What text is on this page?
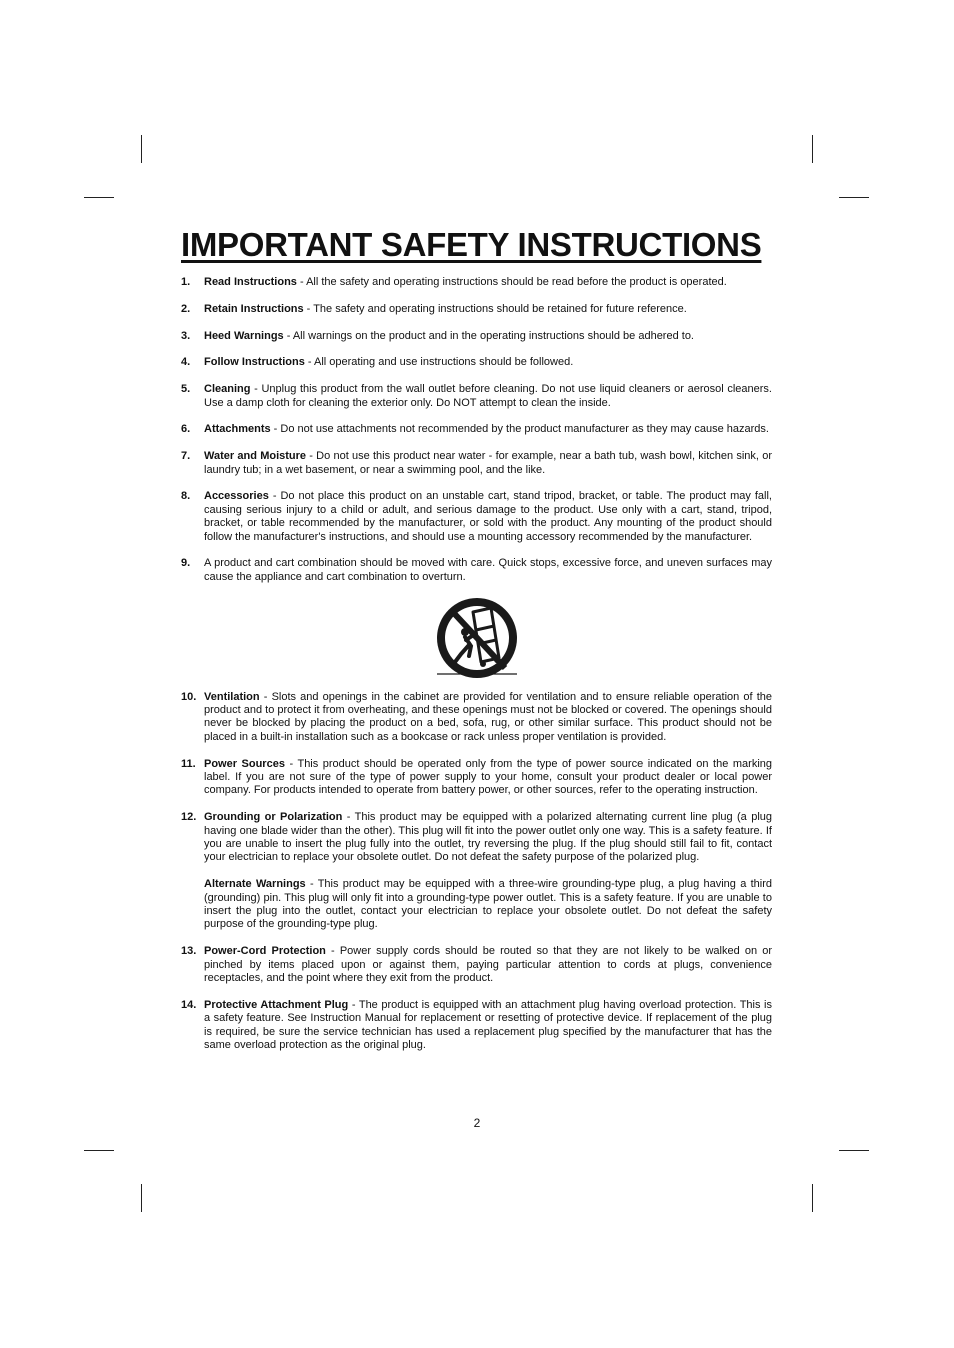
IMPORTANT SAFETY INSTRUCTIONS
1.	Read Instructions - All the safety and operating instructions should be read before the product is operated.

2.	Retain Instructions - The safety and operating instructions should be retained for future reference.

3.	Heed Warnings - All warnings on the product and in the operating instructions should be adhered to.

4.	Follow Instructions - All operating and use instructions should be followed.

5.	Cleaning - Unplug this product from the wall outlet before cleaning. Do not use liquid cleaners or aerosol cleaners. Use a damp cloth for cleaning the exterior only. Do NOT attempt to clean the inside.

6.	Attachments - Do not use attachments not recommended by the product manufacturer as they may cause hazards.

7.	Water and Moisture - Do not use this product near water - for example, near a bath tub, wash bowl, kitchen sink, or laundry tub; in a wet basement, or near a swimming pool, and the like.

8.	Accessories - Do not place this product on an unstable cart, stand tripod, bracket, or table. The product may fall, causing serious injury to a child or adult, and serious damage to the product. Use only with a cart, stand, tripod, bracket, or table recommended by the manufacturer, or sold with the product. Any mounting of the product should follow the manufacturer's instructions, and should use a mounting accessory recommended by the manufacturer.

9.	A product and cart combination should be moved with care. Quick stops, excessive force, and uneven surfaces may cause the appliance and cart combination to overturn.

10. Ventilation - Slots and openings in the cabinet are provided for ventilation and to ensure reliable operation of the product and to protect it from overheating, and these openings must not be blocked or covered. The openings should never be blocked by placing the product on a bed, sofa, rug, or other similar surface. This product should not be placed in a built-in installation such as a bookcase or rack unless proper ventilation is provided.

11. Power Sources - This product should be operated only from the type of power source indicated on the marking label. If you are not sure of the type of power supply to your home, consult your product dealer or local power company. For products intended to operate from battery power, or other sources, refer to the operating instruction.

12. Grounding or Polarization - This product may be equipped with a polarized alternating current line plug (a plug having one blade wider than the other). This plug will fit into the power outlet only one way. This is a safety feature. If you are unable to insert the plug fully into the outlet, try reversing the plug. If the plug should still fail to fit, contact your electrician to replace your obsolete outlet. Do not defeat the safety purpose of the polarized plug.

Alternate Warnings - This product may be equipped with a three-wire grounding-type plug, a plug having a third (grounding) pin. This plug will only fit into a grounding-type power outlet. This is a safety feature. If you are unable to insert the plug into the outlet, contact your electrician to replace your obsolete outlet. Do not defeat the safety purpose of the grounding-type plug.

13. Power-Cord Protection - Power supply cords should be routed so that they are not likely to be walked on or pinched by items placed upon or against them, paying particular attention to cords at plugs, convenience receptacles, and the point where they exit from the product.

14. Protective Attachment Plug - The product is equipped with an attachment plug having overload protection. This is a safety feature. See Instruction Manual for replacement or resetting of protective device. If replacement of the plug is required, be sure the service technician has used a replacement plug specified by the manufacturer that has the same overload protection as the original plug.

2
